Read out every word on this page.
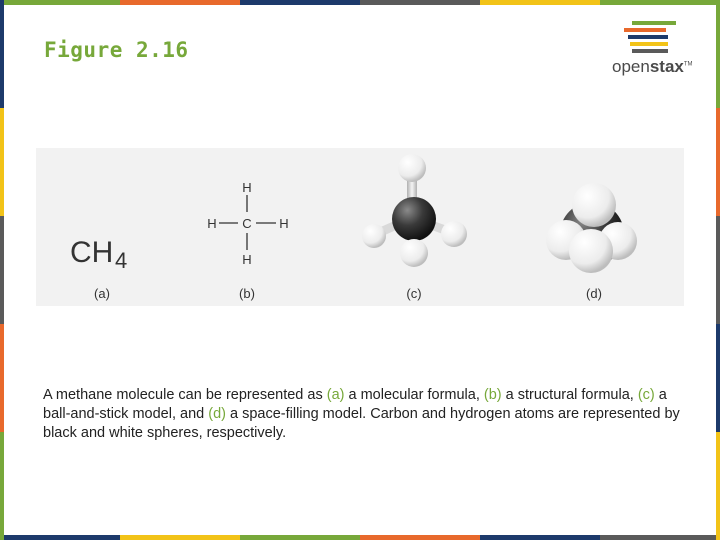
Figure 2.16
openstax™
CH 4
H
H C H
H
(a)	(b)	(c)	(d)
A methane molecule can be represented as (a) a molecular formula, (b) a structural formula, (c) a ball-and-stick model, and (d) a space-filling model. Carbon and hydrogen atoms are represented by black and white spheres, respectively.
